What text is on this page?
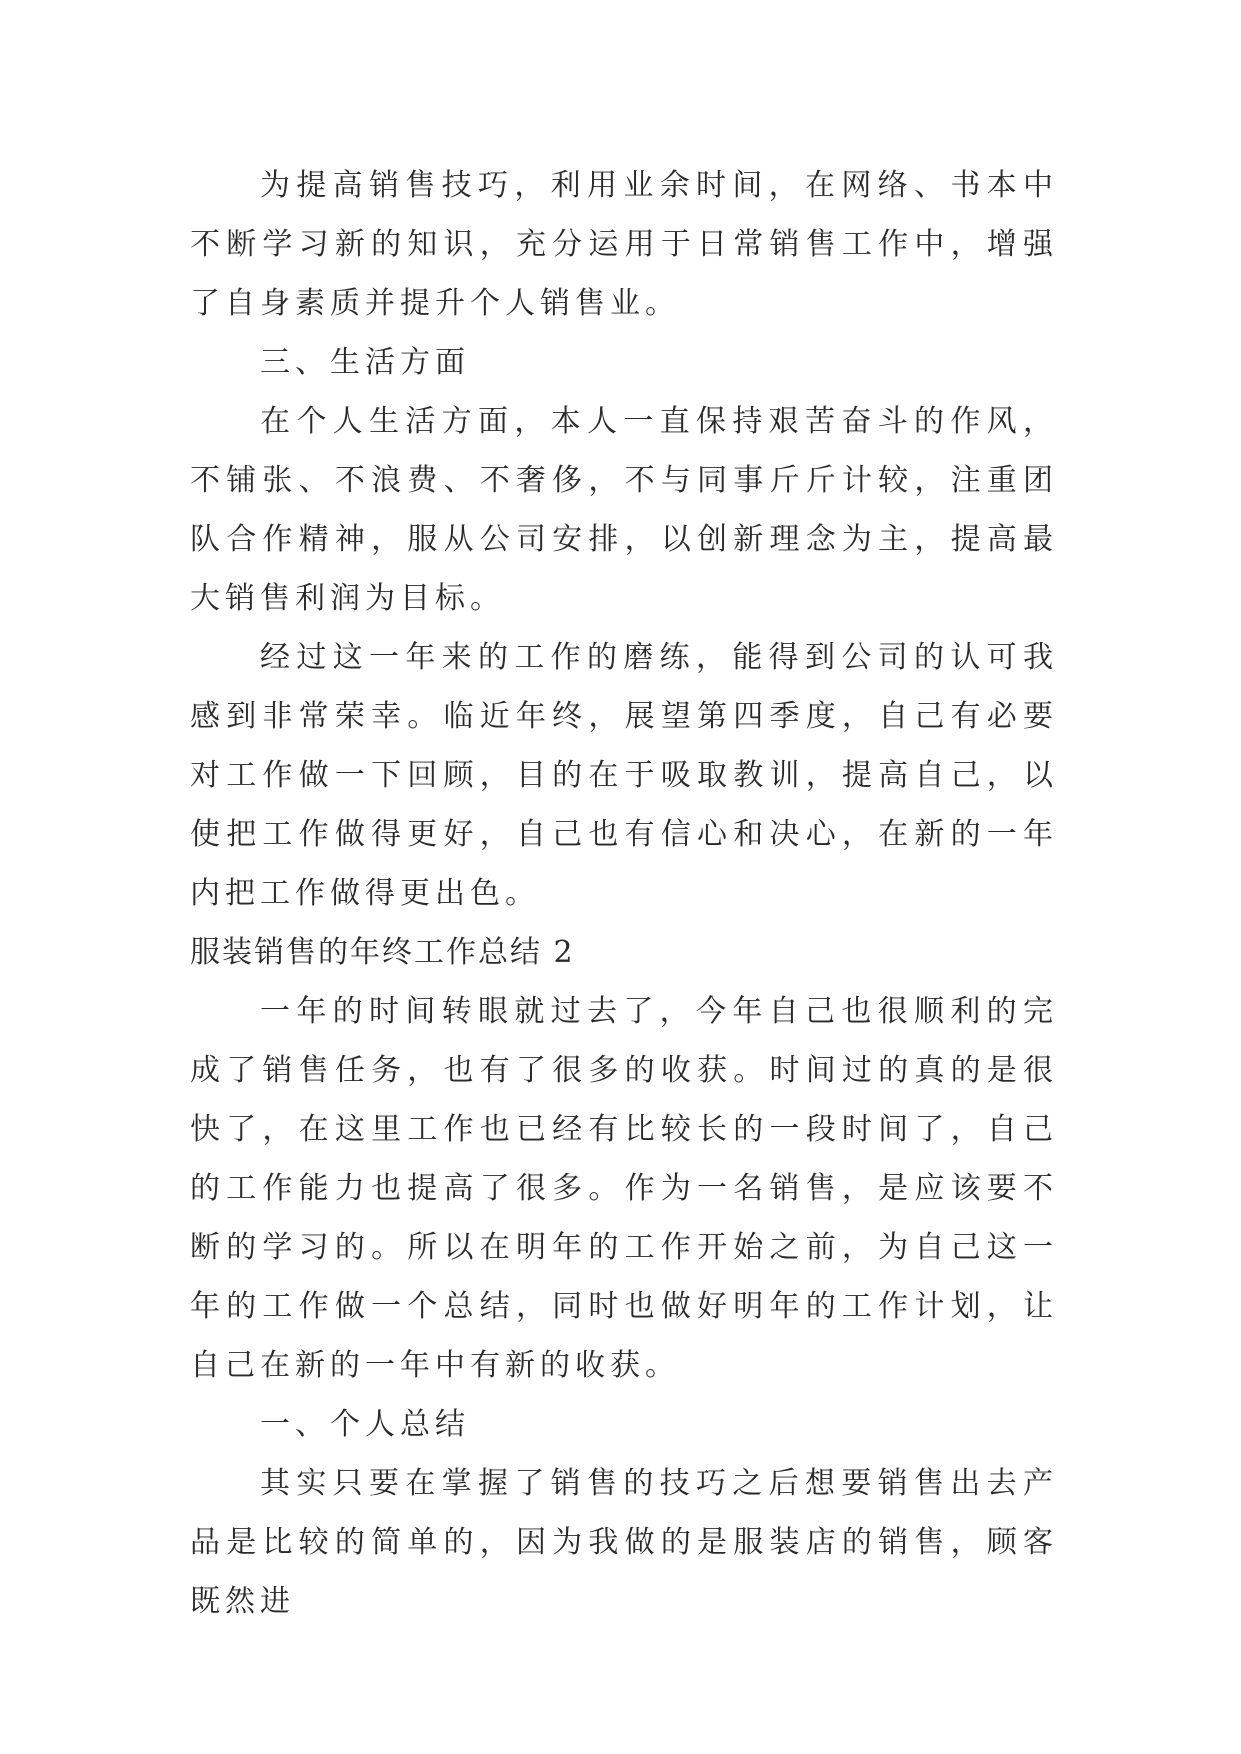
为提高销售技巧，利用业余时间，在网络、书本中不断学习新的知识，充分运用于日常销售工作中，增强了自身素质并提升个人销售业。

三、生活方面

在个人生活方面，本人一直保持艰苦奋斗的作风，不铺张、不浪费、不奢侈，不与同事斤斤计较，注重团队合作精神，服从公司安排，以创新理念为主，提高最大销售利润为目标。

经过这一年来的工作的磨练，能得到公司的认可我感到非常荣幸。临近年终，展望第四季度，自己有必要对工作做一下回顾，目的在于吸取教训，提高自己，以使把工作做得更好，自己也有信心和决心，在新的一年内把工作做得更出色。

服装销售的年终工作总结 2

一年的时间转眼就过去了，今年自己也很顺利的完成了销售任务，也有了很多的收获。时间过的真的是很快了，在这里工作也已经有比较长的一段时间了，自己的工作能力也提高了很多。作为一名销售，是应该要不断的学习的。所以在明年的工作开始之前，为自己这一年的工作做一个总结，同时也做好明年的工作计划，让自己在新的一年中有新的收获。

一、个人总结

其实只要在掌握了销售的技巧之后想要销售出去产品是比较的简单的，因为我做的是服装店的销售，顾客既然进
